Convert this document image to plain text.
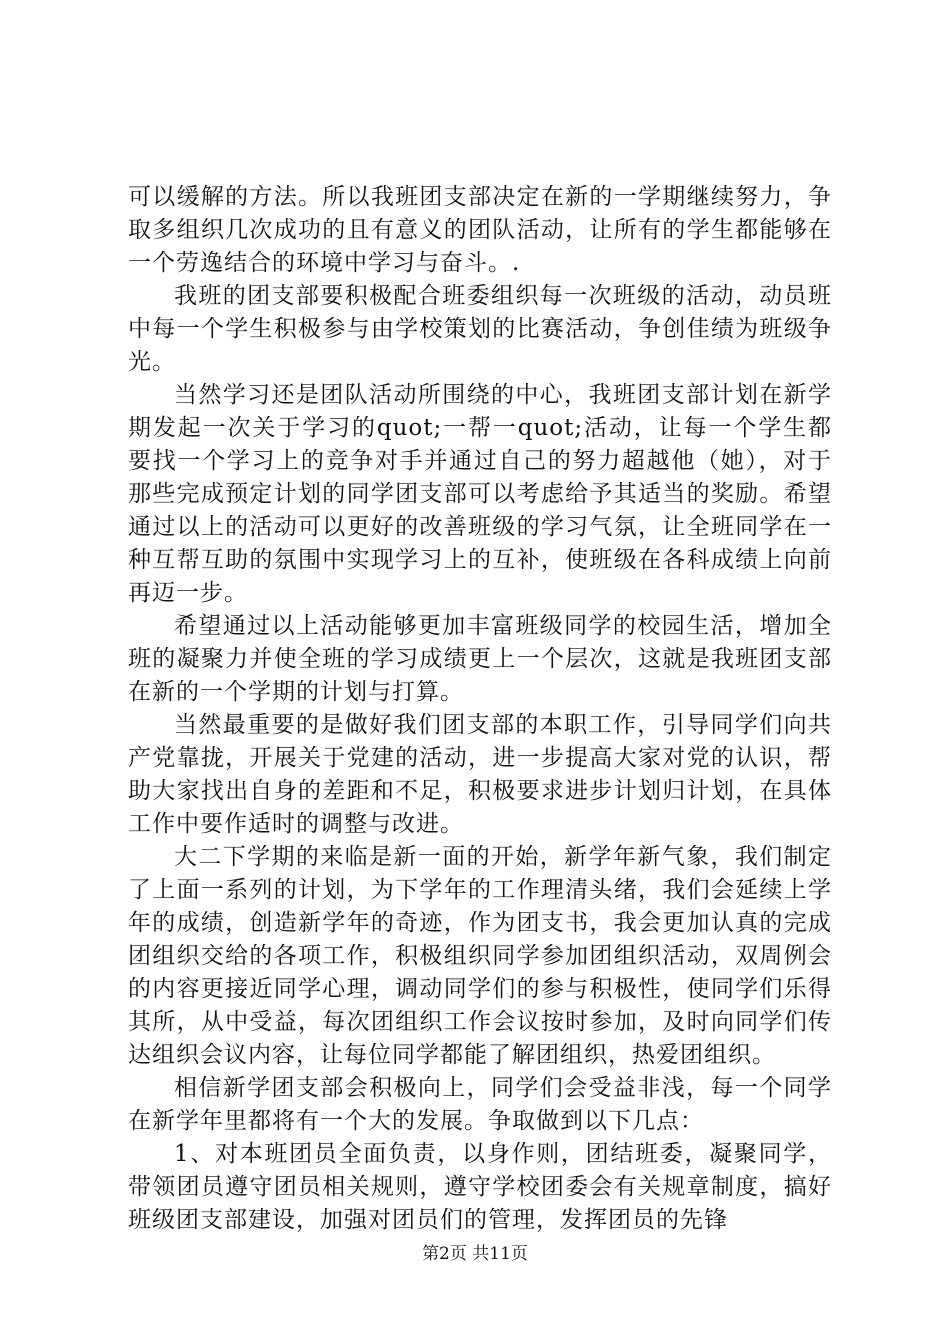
可以缓解的方法。所以我班团支部决定在新的一学期继续努力，争取多组织几次成功的且有意义的团队活动，让所有的学生都能够在一个劳逸结合的环境中学习与奋斗。.

我班的团支部要积极配合班委组织每一次班级的活动，动员班中每一个学生积极参与由学校策划的比赛活动，争创佳绩为班级争光。

当然学习还是团队活动所围绕的中心，我班团支部计划在新学期发起一次关于学习的quot;一帮一quot;活动，让每一个学生都要找一个学习上的竞争对手并通过自己的努力超越他（她），对于那些完成预定计划的同学团支部可以考虑给予其适当的奖励。希望通过以上的活动可以更好的改善班级的学习气氛，让全班同学在一种互帮互助的氛围中实现学习上的互补，使班级在各科成绩上向前再迈一步。

希望通过以上活动能够更加丰富班级同学的校园生活，增加全班的凝聚力并使全班的学习成绩更上一个层次，这就是我班团支部在新的一个学期的计划与打算。

当然最重要的是做好我们团支部的本职工作，引导同学们向共产党靠拢，开展关于党建的活动，进一步提高大家对党的认识，帮助大家找出自身的差距和不足，积极要求进步计划归计划，在具体工作中要作适时的调整与改进。

大二下学期的来临是新一面的开始，新学年新气象，我们制定了上面一系列的计划，为下学年的工作理清头绪，我们会延续上学年的成绩，创造新学年的奇迹，作为团支书，我会更加认真的完成团组织交给的各项工作，积极组织同学参加团组织活动，双周例会的内容更接近同学心理，调动同学们的参与积极性，使同学们乐得其所，从中受益，每次团组织工作会议按时参加，及时向同学们传达组织会议内容，让每位同学都能了解团组织，热爱团组织。

相信新学团支部会积极向上，同学们会受益非浅，每一个同学在新学年里都将有一个大的发展。争取做到以下几点：

1、对本班团员全面负责，以身作则，团结班委，凝聚同学，带领团员遵守团员相关规则，遵守学校团委会有关规章制度，搞好班级团支部建设，加强对团员们的管理，发挥团员的先锋

第2页 共11页
